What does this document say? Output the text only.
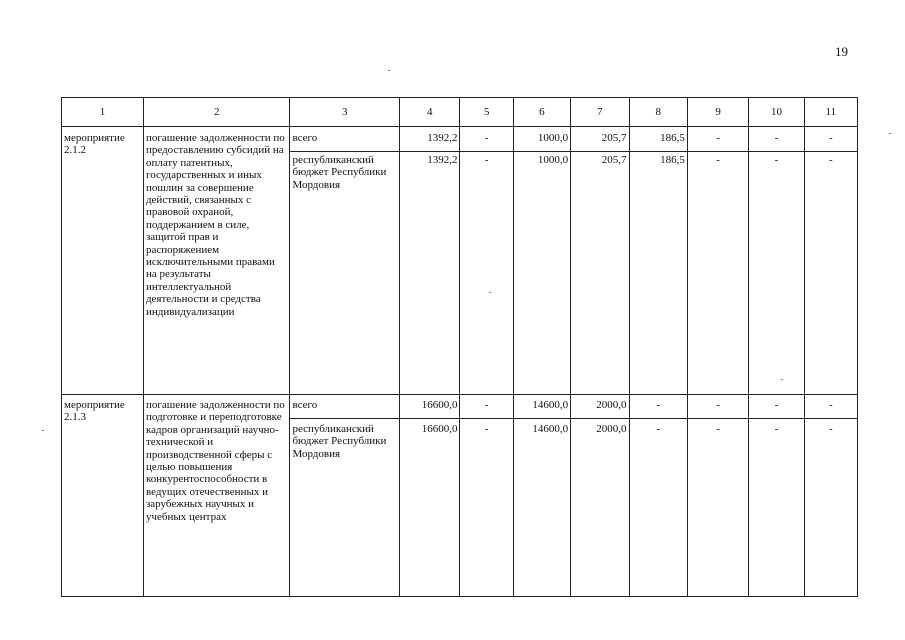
19
1	2	3	4	5	6	7	8	9	10	11
мероприятие 2.1.2	погашение задолженности по предоставлению субсидий на оплату патентных, государственных и иных пошлин за совершение действий, связанных с правовой охраной, поддержанием в силе, защитой прав и распоряжением исключительными правами на результаты интеллектуальной деятельности и средства индивидуализации	всего	1392,2	-	1000,0	205,7	186,5	-	-	-
		республиканский бюджет Республики Мордовия	1392,2	-	1000,0	205,7	186,5	-	-	-
мероприятие 2.1.3	погашение задолженности по подготовке и переподготовке кадров организаций научно-технической и производственной сферы с целью повышения конкурентоспособности в ведущих отечественных и зарубежных научных и учебных центрах	всего	16600,0	-	14600,0	2000,0	-	-	-	-
		республиканский бюджет Республики Мордовия	16600,0	-	14600,0	2000,0	-	-	-	-
